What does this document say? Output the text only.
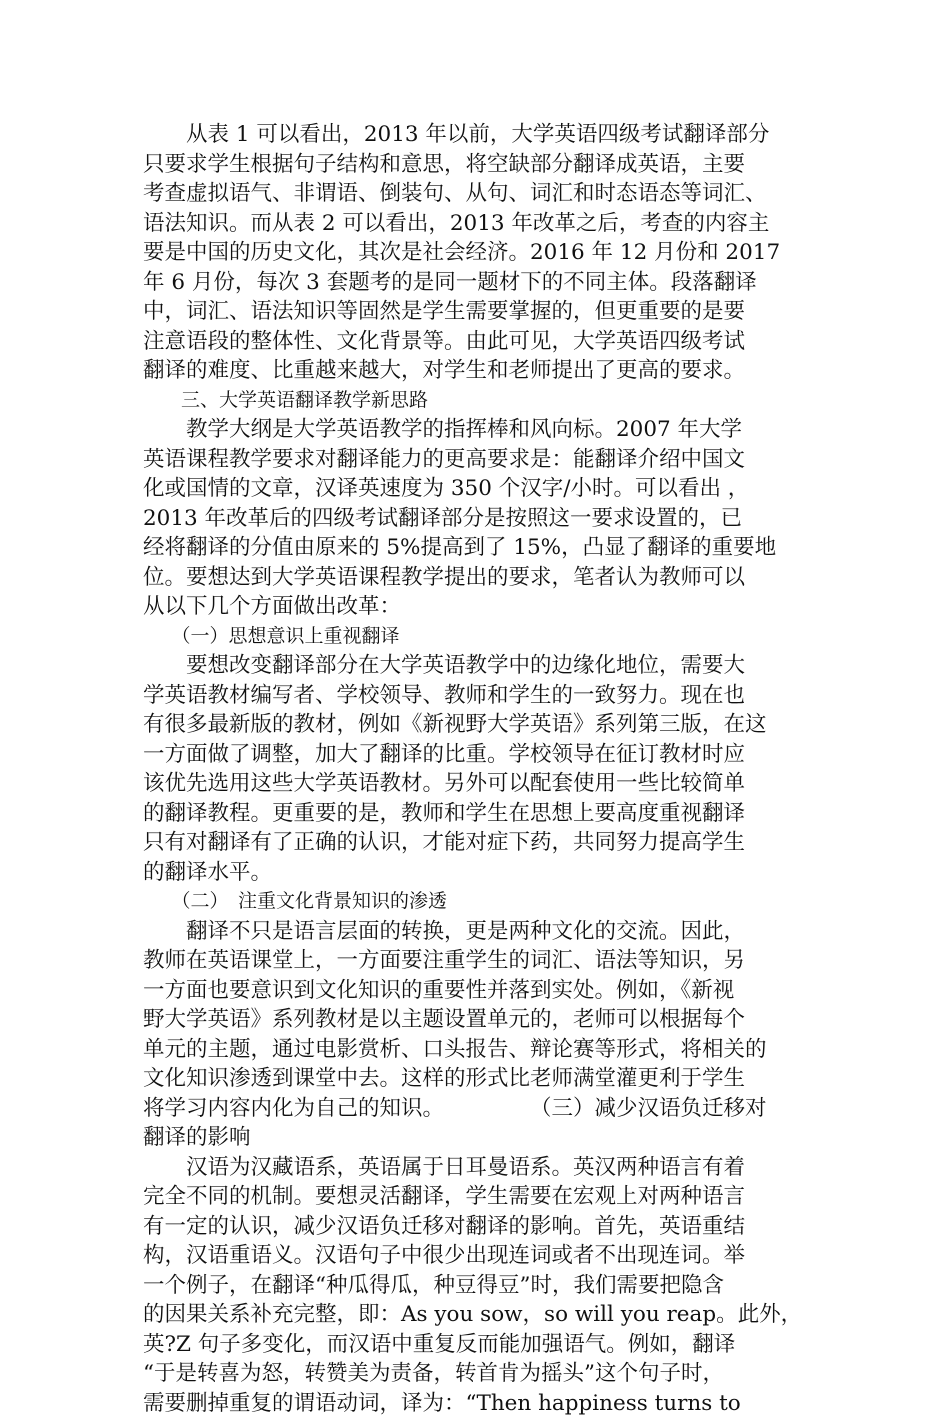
　　从表 1 可以看出，2013 年以前，大学英语四级考试翻译部分
只要求学生根据句子结构和意思，将空缺部分翻译成英语，主要
考查虚拟语气、非谓语、倒装句、从句、词汇和时态语态等词汇、
语法知识。而从表 2 可以看出，2013 年改革之后，考查的内容主
要是中国的历史文化，其次是社会经济。2016 年 12 月份和 2017
年 6 月份，每次 3 套题考的是同一题材下的不同主体。段落翻译
中，词汇、语法知识等固然是学生需要掌握的，但更重要的是要
注意语段的整体性、文化背景等。由此可见，大学英语四级考试
翻译的难度、比重越来越大，对学生和老师提出了更高的要求。
　　三、大学英语翻译教学新思路
　　教学大纲是大学英语教学的指挥棒和风向标。2007 年大学
英语课程教学要求对翻译能力的更高要求是：能翻译介绍中国文
化或国情的文章，汉译英速度为 350 个汉字/小时。可以看出 ，
2013 年改革后的四级考试翻译部分是按照这一要求设置的，已
经将翻译的分值由原来的 5%提高到了 15%，凸显了翻译的重要地
位。要想达到大学英语课程教学提出的要求，笔者认为教师可以
从以下几个方面做出改革：
　　（一）思想意识上重视翻译
　　要想改变翻译部分在大学英语教学中的边缘化地位，需要大
学英语教材编写者、学校领导、教师和学生的一致努力。现在也
有很多最新版的教材，例如《新视野大学英语》系列第三版，在这
一方面做了调整，加大了翻译的比重。学校领导在征订教材时应
该优先选用这些大学英语教材。另外可以配套使用一些比较简单
的翻译教程。更重要的是，教师和学生在思想上要高度重视翻译
只有对翻译有了正确的认识，才能对症下药，共同努力提高学生
的翻译水平。
　　（二）　注重文化背景知识的渗透
　　翻译不只是语言层面的转换，更是两种文化的交流。因此，
教师在英语课堂上，一方面要注重学生的词汇、语法等知识，另
一方面也要意识到文化知识的重要性并落到实处。例如，《新视
野大学英语》系列教材是以主题设置单元的，老师可以根据每个
单元的主题，通过电影赏析、口头报告、辩论赛等形式，将相关的
文化知识渗透到课堂中去。这样的形式比老师满堂灌更利于学生
将学习内容内化为自己的知识。　　　　　（三）减少汉语负迁移对
翻译的影响
　　汉语为汉藏语系，英语属于日耳曼语系。英汉两种语言有着
完全不同的机制。要想灵活翻译，学生需要在宏观上对两种语言
有一定的认识，减少汉语负迁移对翻译的影响。首先，英语重结
构，汉语重语义。汉语句子中很少出现连词或者不出现连词。举
一个例子，在翻译“种瓜得瓜，种豆得豆”时，我们需要把隐含
的因果关系补充完整，即：As you sow，so will you reap。此外，
英?Z 句子多变化，而汉语中重复反而能加强语气。例如，翻译
“于是转喜为怒，转赞美为责备，转首肯为摇头”这个句子时，
需要删掉重复的谓语动词，译为：“Then happiness turns to
